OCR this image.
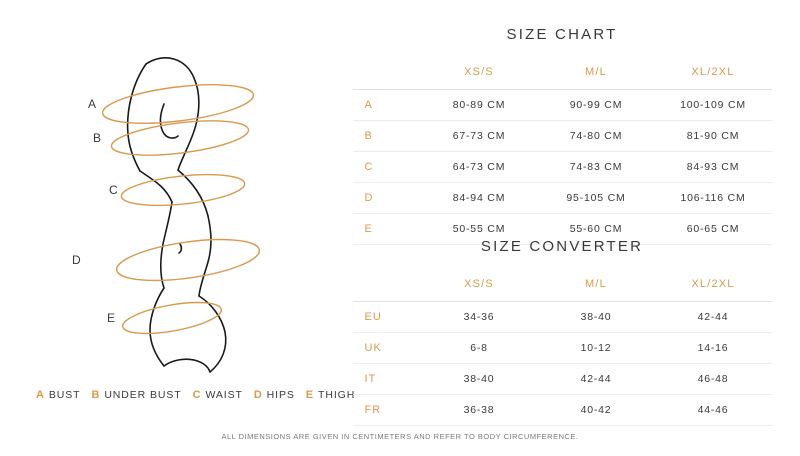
A
B
C
D
E
A BUST B UNDER BUST C WAIST D HIPS E THIGH
SIZE CHART
	XS/S	M/L	XL/2XL
A	80-89 CM	90-99 CM	100-109 CM
B	67-73 CM	74-80 CM	81-90 CM
C	64-73 CM	74-83 CM	84-93 CM
D	84-94 CM	95-105 CM	106-116 CM
E	50-55 CM	55-60 CM	60-65 CM
SIZE CONVERTER
	XS/S	M/L	XL/2XL
EU	34-36	38-40	42-44
UK	6-8	10-12	14-16
IT	38-40	42-44	46-48
FR	36-38	40-42	44-46
ALL DIMENSIONS ARE GIVEN IN CENTIMETERS AND REFER TO BODY CIRCUMFERENCE.
